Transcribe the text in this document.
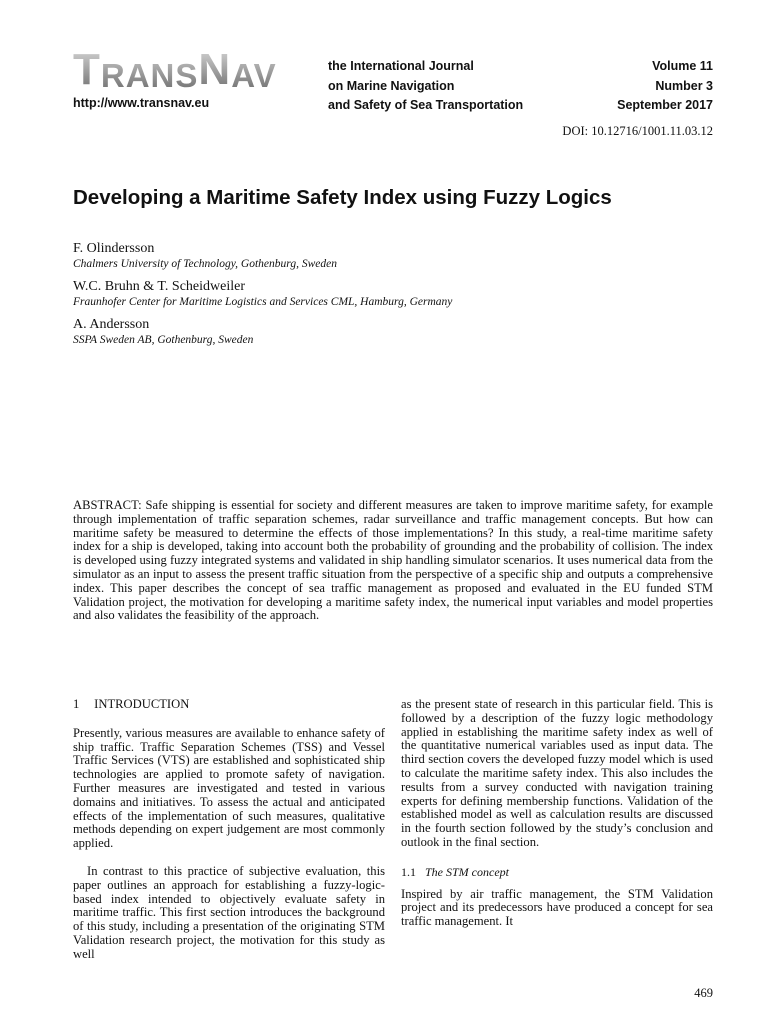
T RANS N AV
http://www.transnav.eu
the International Journal
on Marine Navigation
and Safety of Sea Transportation
Volume 11
Number 3
September 2017
DOI: 10.12716/1001.11.03.12
Developing a Maritime Safety Index using Fuzzy Logics
F. Olindersson
Chalmers University of Technology, Gothenburg, Sweden
W.C. Bruhn & T. Scheidweiler
Fraunhofer Center for Maritime Logistics and Services CML, Hamburg, Germany
A. Andersson
SSPA Sweden AB, Gothenburg, Sweden

ABSTRACT: Safe shipping is essential for society and different measures are taken to improve maritime safety, for example through implementation of traffic separation schemes, radar surveillance and traffic management concepts. But how can maritime safety be measured to determine the effects of those implementations? In this study, a real-time maritime safety index for a ship is developed, taking into account both the probability of grounding and the probability of collision. The index is developed using fuzzy integrated systems and validated in ship handling simulator scenarios. It uses numerical data from the simulator as an input to assess the present traffic situation from the perspective of a specific ship and outputs a comprehensive index. This paper describes the concept of sea traffic management as proposed and evaluated in the EU funded STM Validation project, the motivation for developing a maritime safety index, the numerical input variables and model properties and also validates the feasibility of the approach.

1 INTRODUCTION

Presently, various measures are available to enhance safety of ship traffic. Traffic Separation Schemes (TSS) and Vessel Traffic Services (VTS) are established and sophisticated ship technologies are applied to promote safety of navigation. Further measures are investigated and tested in various domains and initiatives. To assess the actual and anticipated effects of the implementation of such measures, qualitative methods depending on expert judgement are most commonly applied.

In contrast to this practice of subjective evaluation, this paper outlines an approach for establishing a fuzzy-logic-based index intended to objectively evaluate safety in maritime traffic. This first section introduces the background of this study, including a presentation of the originating STM Validation research project, the motivation for this study as well

as the present state of research in this particular field. This is followed by a description of the fuzzy logic methodology applied in establishing the maritime safety index as well of the quantitative numerical variables used as input data. The third section covers the developed fuzzy model which is used to calculate the maritime safety index. This also includes the results from a survey conducted with navigation training experts for defining membership functions. Validation of the established model as well as calculation results are discussed in the fourth section followed by the study’s conclusion and outlook in the final section.

1.1 The STM concept

Inspired by air traffic management, the STM Validation project and its predecessors have produced a concept for sea traffic management. It

469
